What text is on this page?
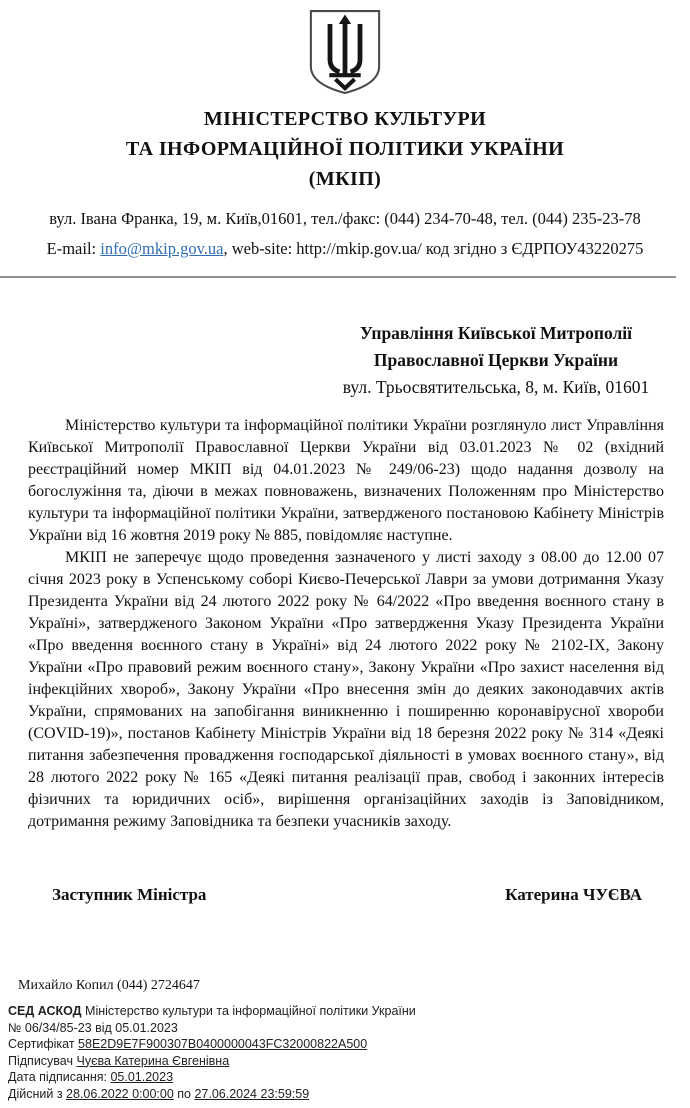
МІНІСТЕРСТВО КУЛЬТУРИ
ТА ІНФОРМАЦІЙНОЇ ПОЛІТИКИ УКРАЇНИ
(МКІП)
вул. Івана Франка, 19, м. Київ,01601, тел./факс: (044) 234-70-48, тел. (044) 235-23-78
E-mail: info@mkip.gov.ua, web-site: http://mkip.gov.ua/ код згідно з ЄДРПОУ43220275
Управління Київської Митрополії
Православної Церкви України
вул. Трьосвятительська, 8, м. Київ, 01601

Міністерство культури та інформаційної політики України розглянуло лист Управління Київської Митрополії Православної Церкви України від 03.01.2023 № 02 (вхідний реєстраційний номер МКІП від 04.01.2023 № 249/06-23) щодо надання дозволу на богослужіння та, діючи в межах повноважень, визначених Положенням про Міністерство культури та інформаційної політики України, затвердженого постановою Кабінету Міністрів України від 16 жовтня 2019 року № 885, повідомляє наступне.

МКІП не заперечує щодо проведення зазначеного у листі заходу з 08.00 до 12.00 07 січня 2023 року в Успенському соборі Києво-Печерської Лаври за умови дотримання Указу Президента України від 24 лютого 2022 року № 64/2022 «Про введення воєнного стану в Україні», затвердженого Законом України «Про затвердження Указу Президента України «Про введення воєнного стану в Україні» від 24 лютого 2022 року № 2102-IX, Закону України «Про правовий режим воєнного стану», Закону України «Про захист населення від інфекційних хвороб», Закону України «Про внесення змін до деяких законодавчих актів України, спрямованих на запобігання виникненню і поширенню коронавірусної хвороби (COVID-19)», постанов Кабінету Міністрів України від 18 березня 2022 року № 314 «Деякі питання забезпечення провадження господарської діяльності в умовах воєнного стану», від 28 лютого 2022 року № 165 «Деякі питання реалізації прав, свобод і законних інтересів фізичних та юридичних осіб», вирішення організаційних заходів із Заповідником, дотримання режиму Заповідника та безпеки учасників заходу.

Заступник Міністра	Катерина ЧУЄВА
Михайло Копил (044) 2724647
СЕД АСКОД Міністерство культури та інформаційної політики України
№ 06/34/85-23 від 05.01.2023
Сертифікат 58E2D9E7F900307B0400000043FC32000822A500
Підписувач Чуєва Катерина Євгенівна
Дата підписання: 05.01.2023
Дійсний з 28.06.2022 0:00:00 по 27.06.2024 23:59:59
